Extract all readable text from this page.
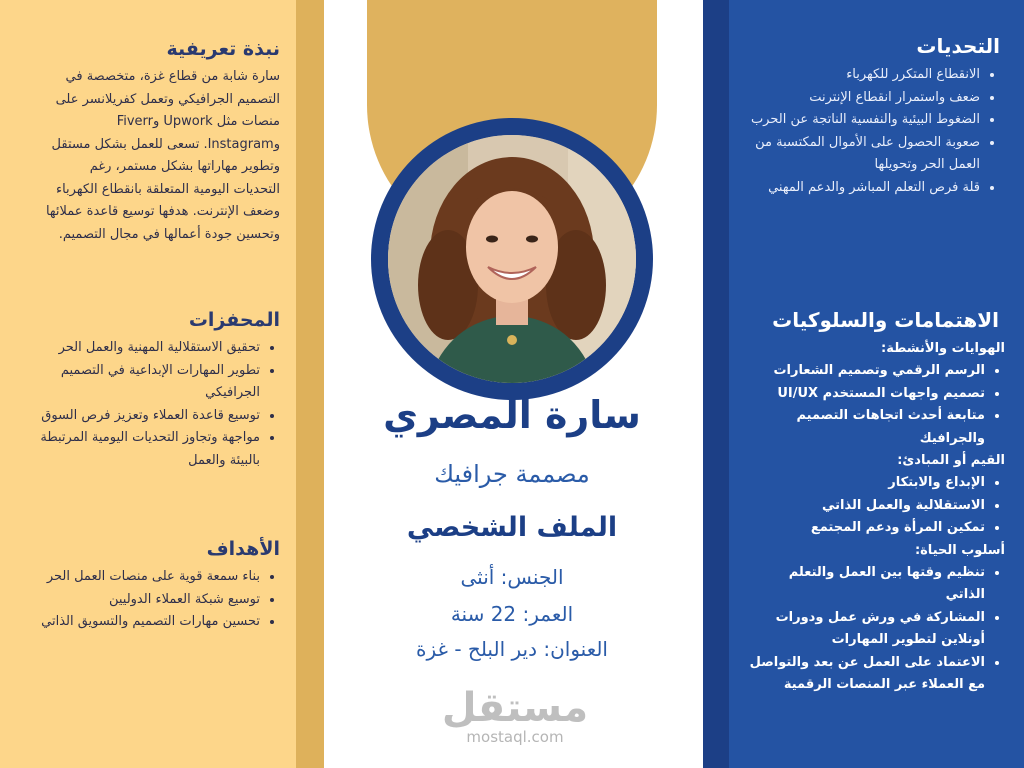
نبذة تعريفية

سارة شابة من قطاع غزة، متخصصة في التصميم الجرافيكي وتعمل كفريلانسر على منصات مثل Upwork وFiverr وInstagram. تسعى للعمل بشكل مستقل وتطوير مهاراتها بشكل مستمر، رغم التحديات اليومية المتعلقة بانقطاع الكهرباء وضعف الإنترنت. هدفها توسيع قاعدة عملائها وتحسين جودة أعمالها في مجال التصميم.

المحفزات
• تحقيق الاستقلالية المهنية والعمل الحر
• تطوير المهارات الإبداعية في التصميم الجرافيكي
• توسيع قاعدة العملاء وتعزيز فرص السوق
• مواجهة وتجاوز التحديات اليومية المرتبطة بالبيئة والعمل
الأهداف
• بناء سمعة قوية على منصات العمل الحر
• توسيع شبكة العملاء الدوليين
• تحسين مهارات التصميم والتسويق الذاتي
سارة المصري
مصممة جرافيك
الملف الشخصي
الجنس: أنثى
العمر: 22 سنة
العنوان: دير البلح - غزة
مستقل
mostaql.com
التحديات
• الانقطاع المتكرر للكهرباء
• ضعف واستمرار انقطاع الإنترنت
• الضغوط البيئية والنفسية الناتجة عن الحرب
• صعوبة الحصول على الأموال المكتسبة من العمل الحر وتحويلها
• قلة فرص التعلم المباشر والدعم المهني
الاهتمامات والسلوكيات

الهوايات والأنشطة:

• الرسم الرقمي وتصميم الشعارات
• تصميم واجهات المستخدم UI/UX
• متابعة أحدث اتجاهات التصميم والجرافيك

القيم أو المبادئ:

• الإبداع والابتكار
• الاستقلالية والعمل الذاتي
• تمكين المرأة ودعم المجتمع

أسلوب الحياة:

• تنظيم وقتها بين العمل والتعلم الذاتي
• المشاركة في ورش عمل ودورات أونلاين لتطوير المهارات
• الاعتماد على العمل عن بعد والتواصل مع العملاء عبر المنصات الرقمية
